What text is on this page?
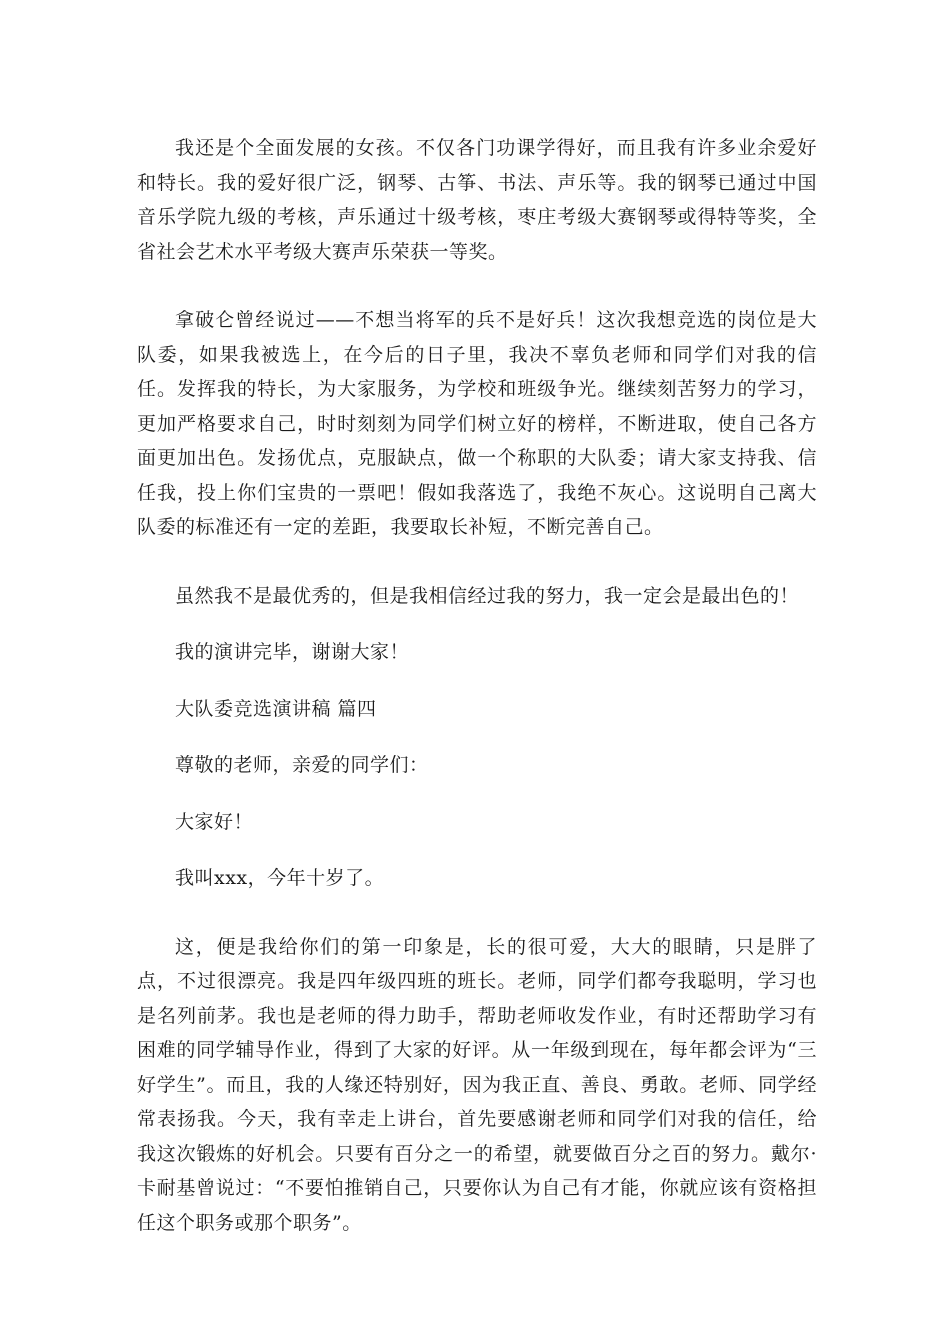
我还是个全面发展的女孩。不仅各门功课学得好，而且我有许多业余爱好和特长。我的爱好很广泛，钢琴、古筝、书法、声乐等。我的钢琴已通过中国音乐学院九级的考核，声乐通过十级考核，枣庄考级大赛钢琴或得特等奖，全省社会艺术水平考级大赛声乐荣获一等奖。

拿破仑曾经说过——不想当将军的兵不是好兵！这次我想竞选的岗位是大队委，如果我被选上，在今后的日子里，我决不辜负老师和同学们对我的信任。发挥我的特长，为大家服务，为学校和班级争光。继续刻苦努力的学习，更加严格要求自己，时时刻刻为同学们树立好的榜样，不断进取，使自己各方面更加出色。发扬优点，克服缺点，做一个称职的大队委；请大家支持我、信任我，投上你们宝贵的一票吧！假如我落选了，我绝不灰心。这说明自己离大队委的标准还有一定的差距，我要取长补短，不断完善自己。

虽然我不是最优秀的，但是我相信经过我的努力，我一定会是最出色的！

我的演讲完毕，谢谢大家！

大队委竞选演讲稿 篇四

尊敬的老师，亲爱的同学们：

大家好！

我叫xxx，今年十岁了。

这，便是我给你们的第一印象是，长的很可爱，大大的眼睛，只是胖了点，不过很漂亮。我是四年级四班的班长。老师，同学们都夸我聪明，学习也是名列前茅。我也是老师的得力助手，帮助老师收发作业，有时还帮助学习有困难的同学辅导作业，得到了大家的好评。从一年级到现在，每年都会评为“三好学生”。而且，我的人缘还特别好，因为我正直、善良、勇敢。老师、同学经常表扬我。今天，我有幸走上讲台，首先要感谢老师和同学们对我的信任，给我这次锻炼的好机会。只要有百分之一的希望，就要做百分之百的努力。戴尔·卡耐基曾说过：“不要怕推销自己，只要你认为自己有才能，你就应该有资格担任这个职务或那个职务”。
